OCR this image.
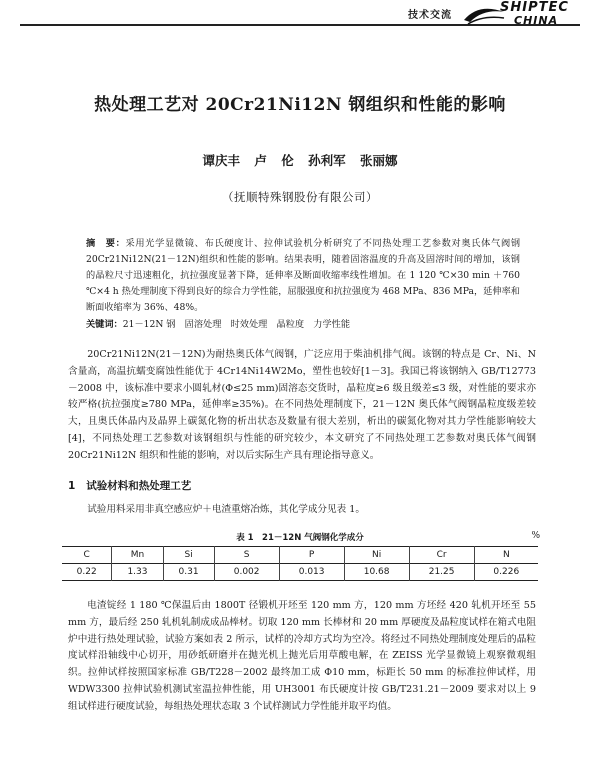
技术交流
SHIPTEC
CHINA
热处理工艺对 20Cr21Ni12N 钢组织和性能的影响
谭庆丰 卢 伦 孙利军 张丽娜
（抚顺特殊钢股份有限公司）
摘　要：采用光学显微镜、布氏硬度计、拉伸试验机分析研究了不同热处理工艺参数对奥氏体气阀钢 20Cr21Ni12N(21－12N)组织和性能的影响。结果表明，随着固溶温度的升高及固溶时间的增加，该钢的晶粒尺寸迅速粗化，抗拉强度显著下降，延伸率及断面收缩率线性增加。在 1 120 ℃×30 min ＋760 ℃×4 h 热处理制度下得到良好的综合力学性能，屈服强度和抗拉强度为 468 MPa、836 MPa，延伸率和断面收缩率为 36%、48%。
关键词：21－12N 钢　固溶处理　时效处理　晶粒度　力学性能
20Cr21Ni12N(21－12N)为耐热奥氏体气阀钢，广泛应用于柴油机排气阀。该钢的特点是 Cr、Ni、N 含量高，高温抗蠕变腐蚀性能优于 4Cr14Ni14W2Mo，塑性也较好[1－3]。我国已将该钢纳入 GB/T12773－2008 中，该标准中要求小圆轧材(Φ≤25 mm)固溶态交货时，晶粒度≥6 级且级差≤3 级，对性能的要求亦较严格(抗拉强度≥780 MPa，延伸率≥35%)。在不同热处理制度下，21－12N 奥氏体气阀钢晶粒度级差较大，且奥氏体晶内及晶界上碳氮化物的析出状态及数量有很大差别，析出的碳氮化物对其力学性能影响较大[4]，不同热处理工艺参数对该钢组织与性能的研究较少，本文研究了不同热处理工艺参数对奥氏体气阀钢 20Cr21Ni12N 组织和性能的影响，对以后实际生产具有理论指导意义。
1 试验材料和热处理工艺
试验用料采用非真空感应炉＋电渣重熔冶炼，其化学成分见表 1。
表 1　21－12N 气阀钢化学成分	%
C	Mn	Si	S	P	Ni	Cr	N
0.22	1.33	0.31	0.002	0.013	10.68	21.25	0.226
电渣锭经 1 180 ℃保温后由 1800T 径锻机开坯至 120 mm 方，120 mm 方坯经 420 轧机开坯至 55 mm 方，最后经 250 轧机轧制成成品棒材。切取 120 mm 长棒材和 20 mm 厚硬度及晶粒度试样在箱式电阻炉中进行热处理试验，试验方案如表 2 所示，试样的冷却方式均为空冷。将经过不同热处理制度处理后的晶粒度试样沿轴线中心切开，用砂纸研磨并在抛光机上抛光后用草酸电解，在 ZEISS 光学显微镜上观察微观组织。拉伸试样按照国家标准 GB/T228－2002 最终加工成 Φ10 mm，标距长 50 mm 的标准拉伸试样，用 WDW3300 拉伸试验机测试室温拉伸性能，用 UH3001 布氏硬度计按 GB/T231.21－2009 要求对以上 9 组试样进行硬度试验，每组热处理状态取 3 个试样测试力学性能并取平均值。
